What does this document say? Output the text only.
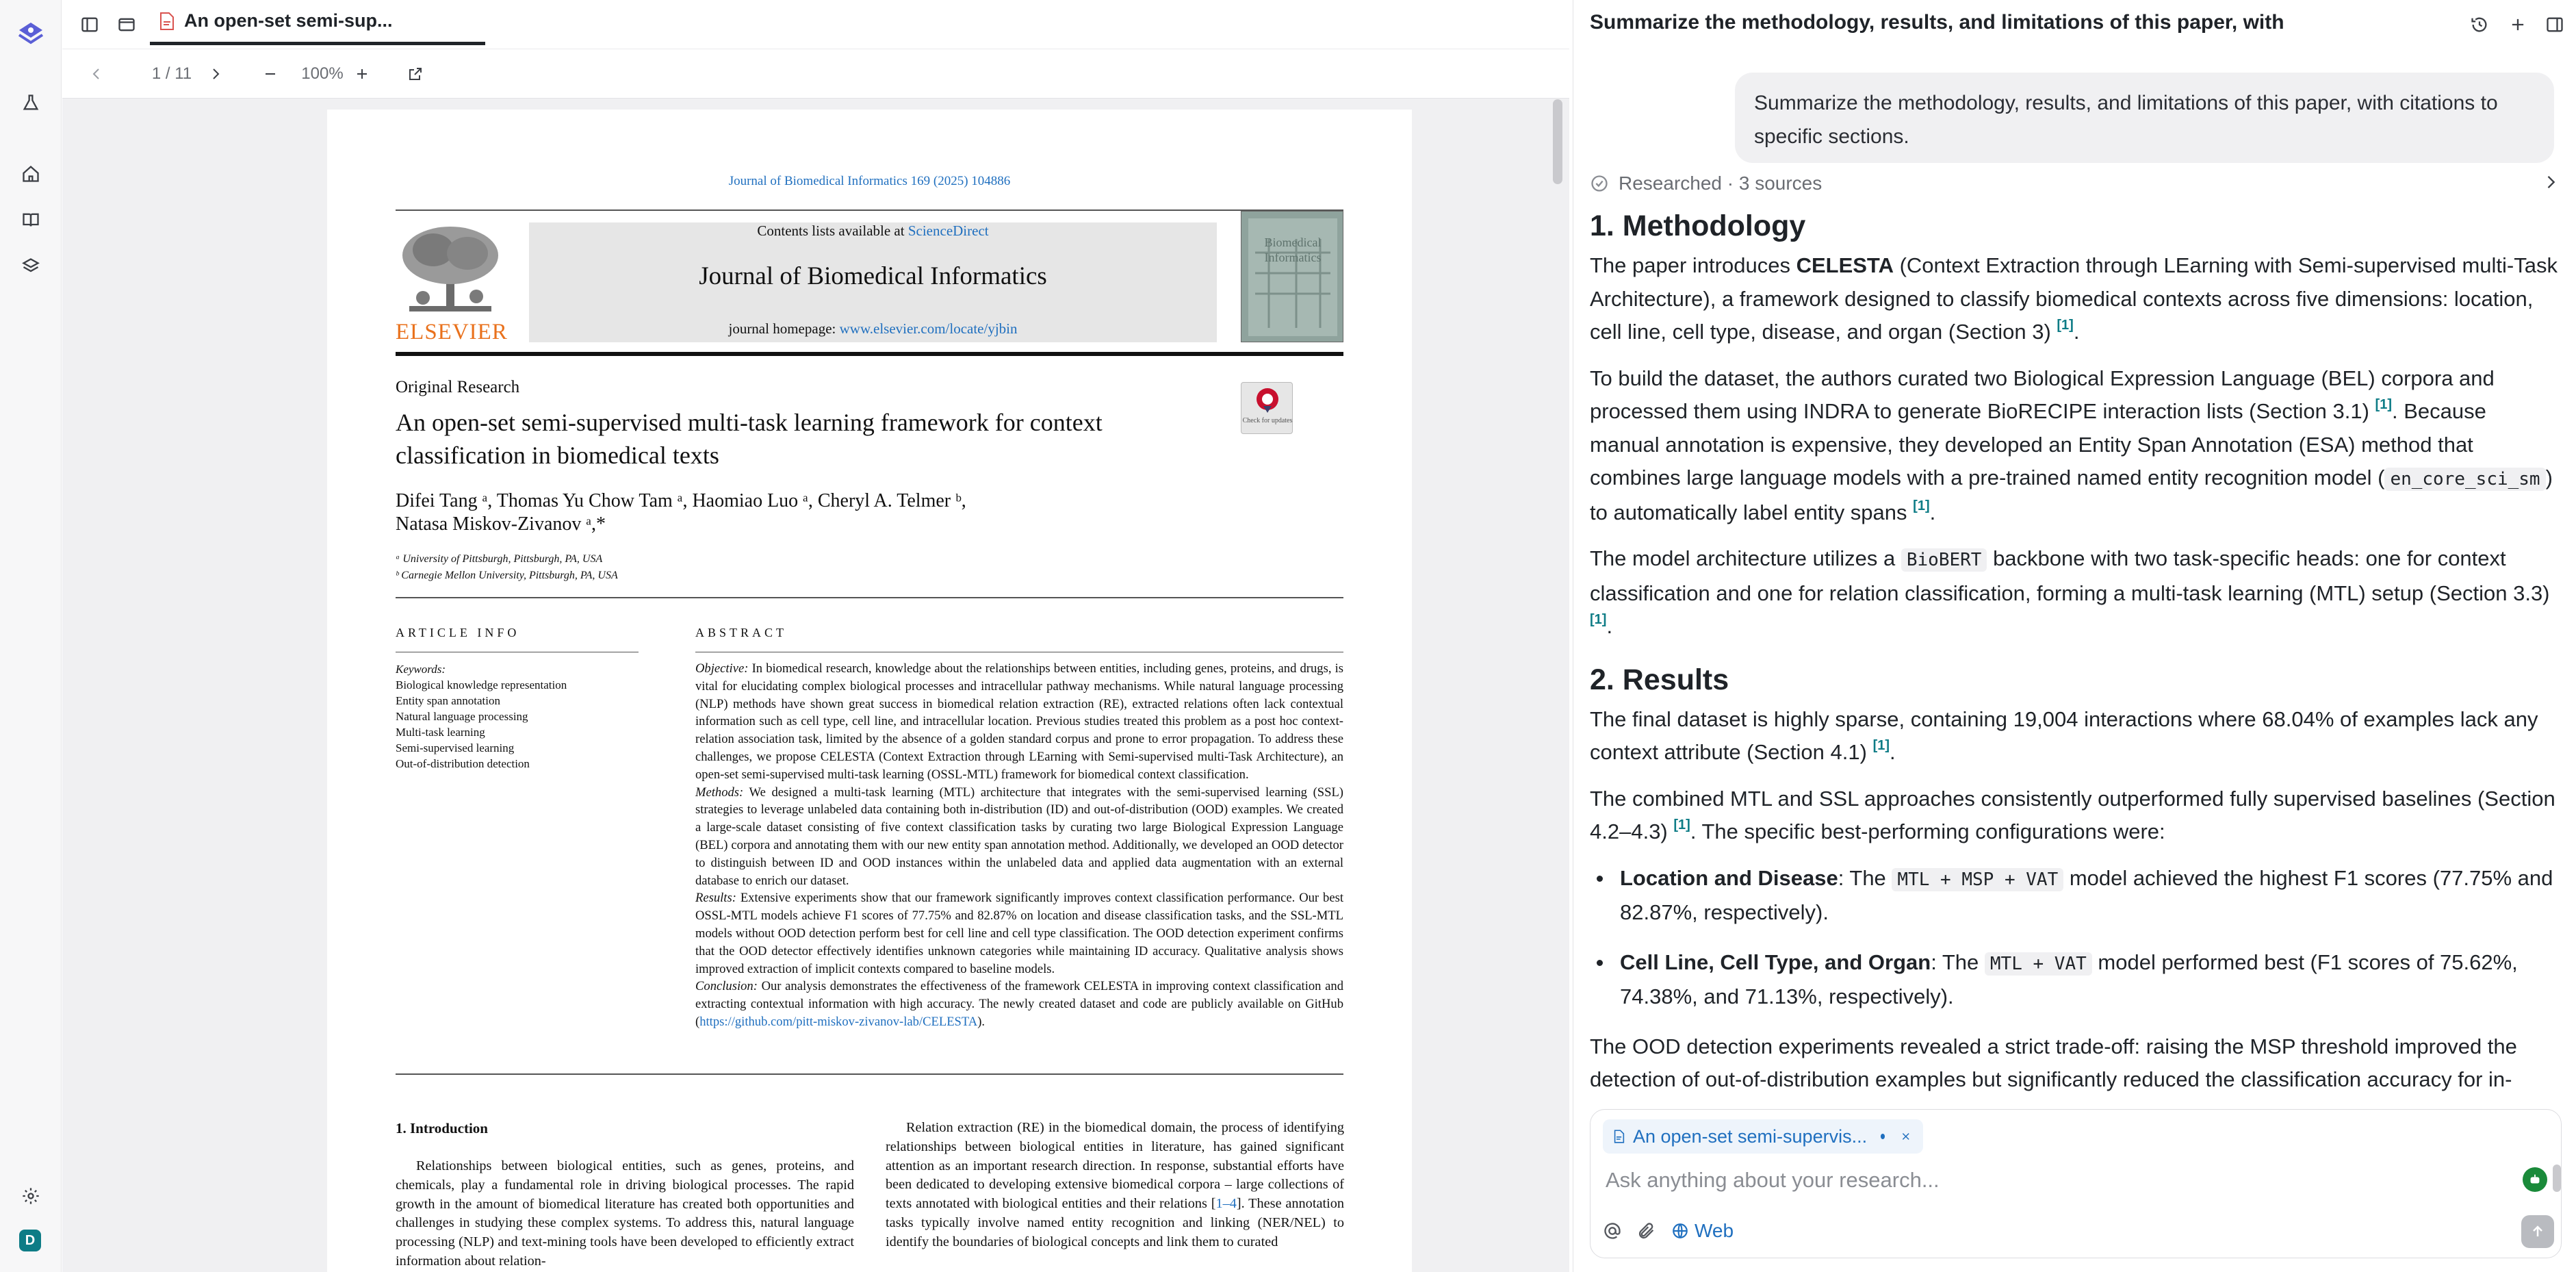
D
An open-set semi-sup...
1 / 11	100%
Journal of Biomedical Informatics 169 (2025) 104886
ELSEVIER
Contents lists available at ScienceDirect
Journal of Biomedical Informatics
journal homepage: www.elsevier.com/locate/yjbin
Biomedical Informatics
Original Research
Check for updates
An open-set semi-supervised multi-task learning framework for context
classification in biomedical texts
Difei Tang ᵃ, Thomas Yu Chow Tam ᵃ, Haomiao Luo ᵃ, Cheryl A. Telmer ᵇ,
Natasa Miskov-Zivanov ᵃ,*
ᵃ University of Pittsburgh, Pittsburgh, PA, USA
ᵇ Carnegie Mellon University, Pittsburgh, PA, USA
ARTICLE INFO	ABSTRACT
Keywords:
Biological knowledge representation
Entity span annotation
Natural language processing
Multi-task learning
Semi-supervised learning
Out-of-distribution detection

Objective: In biomedical research, knowledge about the relationships between entities, including genes, proteins, and drugs, is vital for elucidating complex biological processes and intracellular pathway mechanisms. While natural language processing (NLP) methods have shown great success in biomedical relation extraction (RE), extracted relations often lack contextual information such as cell type, cell line, and intracellular location. Previous studies treated this problem as a post hoc context-relation association task, limited by the absence of a golden standard corpus and prone to error propagation. To address these challenges, we propose CELESTA (Context Extraction through LEarning with Semi-supervised multi-Task Architecture), an open-set semi-supervised multi-task learning (OSSL-MTL) framework for biomedical context classification.

Methods: We designed a multi-task learning (MTL) architecture that integrates with the semi-supervised learning (SSL) strategies to leverage unlabeled data containing both in-distribution (ID) and out-of-distribution (OOD) examples. We created a large-scale dataset consisting of five context classification tasks by curating two large Biological Expression Language (BEL) corpora and annotating them with our new entity span annotation method. Additionally, we developed an OOD detector to distinguish between ID and OOD instances within the unlabeled data and applied data augmentation with an external database to enrich our dataset.

Results: Extensive experiments show that our framework significantly improves context classification performance. Our best OSSL-MTL models achieve F1 scores of 77.75% and 82.87% on location and disease classification tasks, and the SSL-MTL models without OOD detection perform best for cell line and cell type classification. The OOD detection experiment confirms that the OOD detector effectively identifies unknown categories while maintaining ID accuracy. Qualitative analysis shows improved extraction of implicit contexts compared to baseline models.

Conclusion: Our analysis demonstrates the effectiveness of the framework CELESTA in improving context classification and extracting contextual information with high accuracy. The newly created dataset and code are publicly available on GitHub (https://github.com/pitt-miskov-zivanov-lab/CELESTA).

1. Introduction

Relationships between biological entities, such as genes, proteins, and chemicals, play a fundamental role in driving biological processes. The rapid growth in the amount of biomedical literature has created both opportunities and challenges in studying these complex systems. To address this, natural language processing (NLP) and text-mining tools have been developed to efficiently extract information about relation-

Relation extraction (RE) in the biomedical domain, the process of identifying relationships between biological entities in literature, has gained significant attention as an important research direction. In response, substantial efforts have been dedicated to developing extensive biomedical corpora – large collections of texts annotated with biological entities and their relations [1–4]. These annotation tasks typically involve named entity recognition and linking (NER/NEL) to identify the boundaries of biological concepts and link them to curated

Summarize the methodology, results, and limitations of this paper, with
Summarize the methodology, results, and limitations of this paper, with citations to specific sections.
Researched · 3 sources
1. Methodology

The paper introduces CELESTA (Context Extraction through LEarning with Semi-supervised multi-Task Architecture), a framework designed to classify biomedical contexts across five dimensions: location, cell line, cell type, disease, and organ (Section 3) [1].

To build the dataset, the authors curated two Biological Expression Language (BEL) corpora and processed them using INDRA to generate BioRECIPE interaction lists (Section 3.1) [1]. Because manual annotation is expensive, they developed an Entity Span Annotation (ESA) method that combines large language models with a pre-trained named entity recognition model ( en_core_sci_sm ) to automatically label entity spans [1].

The model architecture utilizes a BioBERT backbone with two task-specific heads: one for context classification and one for relation classification, forming a multi-task learning (MTL) setup (Section 3.3) [1].

2. Results

The final dataset is highly sparse, containing 19,004 interactions where 68.04% of examples lack any context attribute (Section 4.1) [1].

The combined MTL and SSL approaches consistently outperformed fully supervised baselines (Section 4.2–4.3) [1]. The specific best-performing configurations were:

Location and Disease: The MTL + MSP + VAT model achieved the highest F1 scores (77.75% and 82.87%, respectively).
Cell Line, Cell Type, and Organ: The MTL + VAT model performed best (F1 scores of 75.62%, 74.38%, and 71.13%, respectively).

The OOD detection experiments revealed a strict trade-off: raising the MSP threshold improved the detection of out-of-distribution examples but significantly reduced the classification accuracy for in-

An open-set semi-supervis...
Ask anything about your research...
Web
